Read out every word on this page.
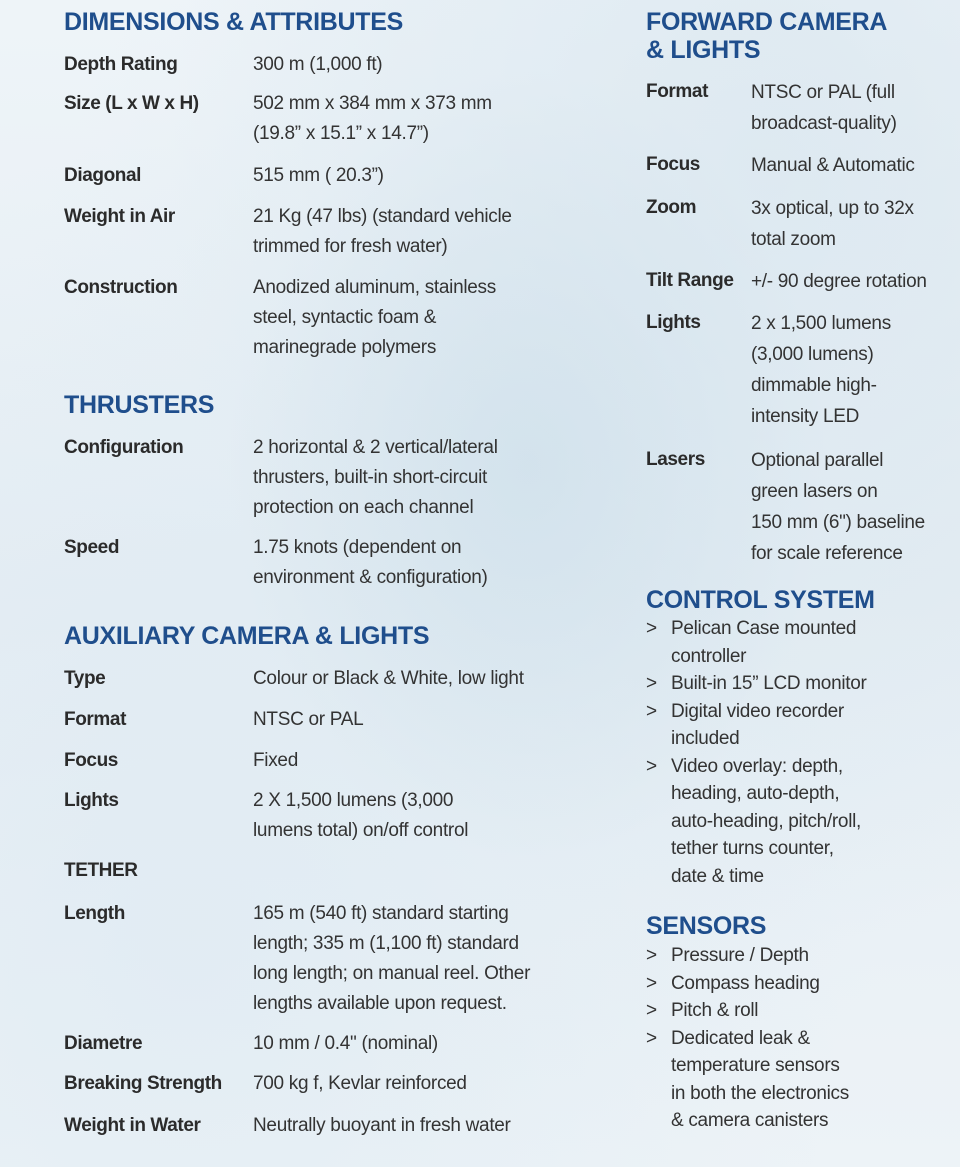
DIMENSIONS & ATTRIBUTES
Depth Rating	300 m (1,000 ft)
Size (L x W x H)	502 mm x 384 mm x 373 mm
(19.8” x 15.1” x 14.7”)
Diagonal	515 mm ( 20.3”)
Weight in Air	21 Kg (47 lbs) (standard vehicle
trimmed for fresh water)
Construction	Anodized aluminum, stainless
steel, syntactic foam &
marinegrade polymers
THRUSTERS
Configuration	2 horizontal & 2 vertical/lateral
thrusters, built-in short-circuit
protection on each channel
Speed	1.75 knots (dependent on
environment & configuration)
AUXILIARY CAMERA & LIGHTS
Type	Colour or Black & White, low light
Format	NTSC or PAL
Focus	Fixed
Lights	2 X 1,500 lumens (3,000
lumens total) on/off control
TETHER
Length	165 m (540 ft) standard starting
length; 335 m (1,100 ft) standard
long length; on manual reel. Other
lengths available upon request.
Diametre	10 mm / 0.4" (nominal)
Breaking Strength 700 kg f, Kevlar reinforced
Weight in Water	Neutrally buoyant in fresh water
FORWARD CAMERA
& LIGHTS
Format NTSC or PAL (full
broadcast-quality)
Focus	Manual & Automatic
Zoom	3x optical, up to 32x
total zoom
Tilt Range +/- 90 degree rotation
Lights	2 x 1,500 lumens
(3,000 lumens)
dimmable high-
intensity LED
Lasers Optional parallel
green lasers on
150 mm (6") baseline
for scale reference
CONTROL SYSTEM
> Pelican Case mounted
controller
> Built-in 15” LCD monitor
> Digital video recorder
included
> Video overlay: depth,
heading, auto-depth,
auto-heading, pitch/roll,
tether turns counter,
date & time
SENSORS
> Pressure / Depth
> Compass heading
> Pitch & roll
> Dedicated leak &
temperature sensors
in both the electronics
& camera canisters
